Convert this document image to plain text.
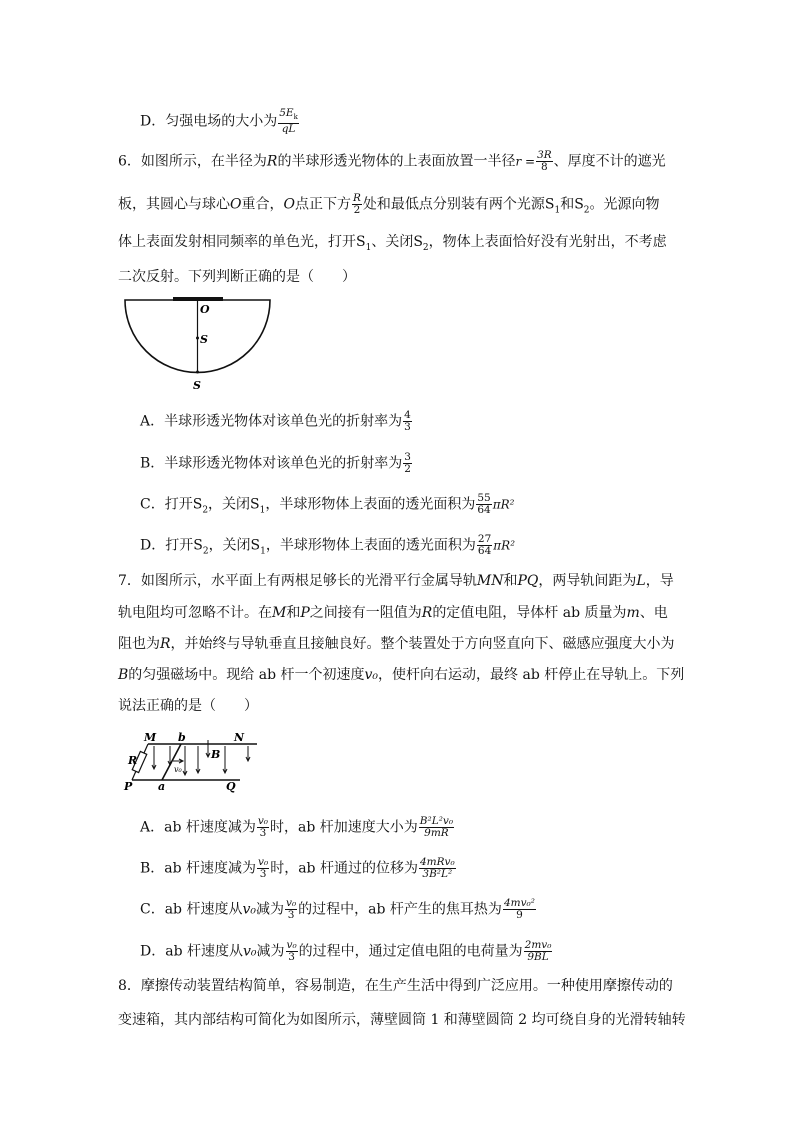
D．匀强电场的大小为 $\frac{5E_k}{qL}$
6．如图所示，在半径为R的半球形透光物体的上表面放置一半径$r = \frac{3R}{8}$ 、厚度不计的遮光
板，其圆心与球心O重合，O点正下方 $\frac{R}{2}$ 处和最低点分别装有两个光源$S_1$和$S_2$。光源向物
体上表面发射相同频率的单色光，打开$S_1$、关闭$S_2$，物体上表面恰好没有光射出，不考虑
二次反射。下列判断正确的是（　　）
O
S
S
A．半球形透光物体对该单色光的折射率为 $\frac{4}{3}$
B．半球形透光物体对该单色光的折射率为 $\frac{3}{2}$
C．打开$S_2$，关闭$S_1$，半球形物体上表面的透光面积为 $\frac{55}{64} \pi R^2$
D．打开$S_2$，关闭$S_1$，半球形物体上表面的透光面积为 $\frac{27}{64} \pi R^2$
7．如图所示，水平面上有两根足够长的光滑平行金属导轨MN和PQ，两导轨间距为L，导
轨电阻均可忽略不计。在M和P之间接有一阻值为R的定值电阻，导体杆 ab 质量为m、电
阻也为R，并始终与导轨垂直且接触良好。整个装置处于方向竖直向下、磁感应强度大小为
B的匀强磁场中。现给 ab 杆一个初速度v₀，使杆向右运动，最终 ab 杆停止在导轨上。下列
说法正确的是（　　）
M b	N
B
R
v₀
P a	Q
A．ab 杆速度减为 $\frac{\text{v₀}}{3}$ 时，ab 杆加速度大小为 $\frac{\text{B²L²v₀}}{9mR}$
B．ab 杆速度减为 $\frac{\text{v₀}}{3}$ 时，ab 杆通过的位移为 $\frac{\text{4mRv₀}}{\text{3B²L²}}$
C．ab 杆速度从v₀减为 $\frac{\text{v₀}}{3}$ 的过程中，ab 杆产生的焦耳热为 $\frac{\text{4mv₀²}}{9}$
D．ab 杆速度从v₀减为 $\frac{\text{v₀}}{3}$ 的过程中，通过定值电阻的电荷量为 $\frac{\text{2mv₀}}{9BL}$
8．摩擦传动装置结构简单，容易制造，在生产生活中得到广泛应用。一种使用摩擦传动的
变速箱，其内部结构可简化为如图所示，薄壁圆筒 1 和薄壁圆筒 2 均可绕自身的光滑转轴转
